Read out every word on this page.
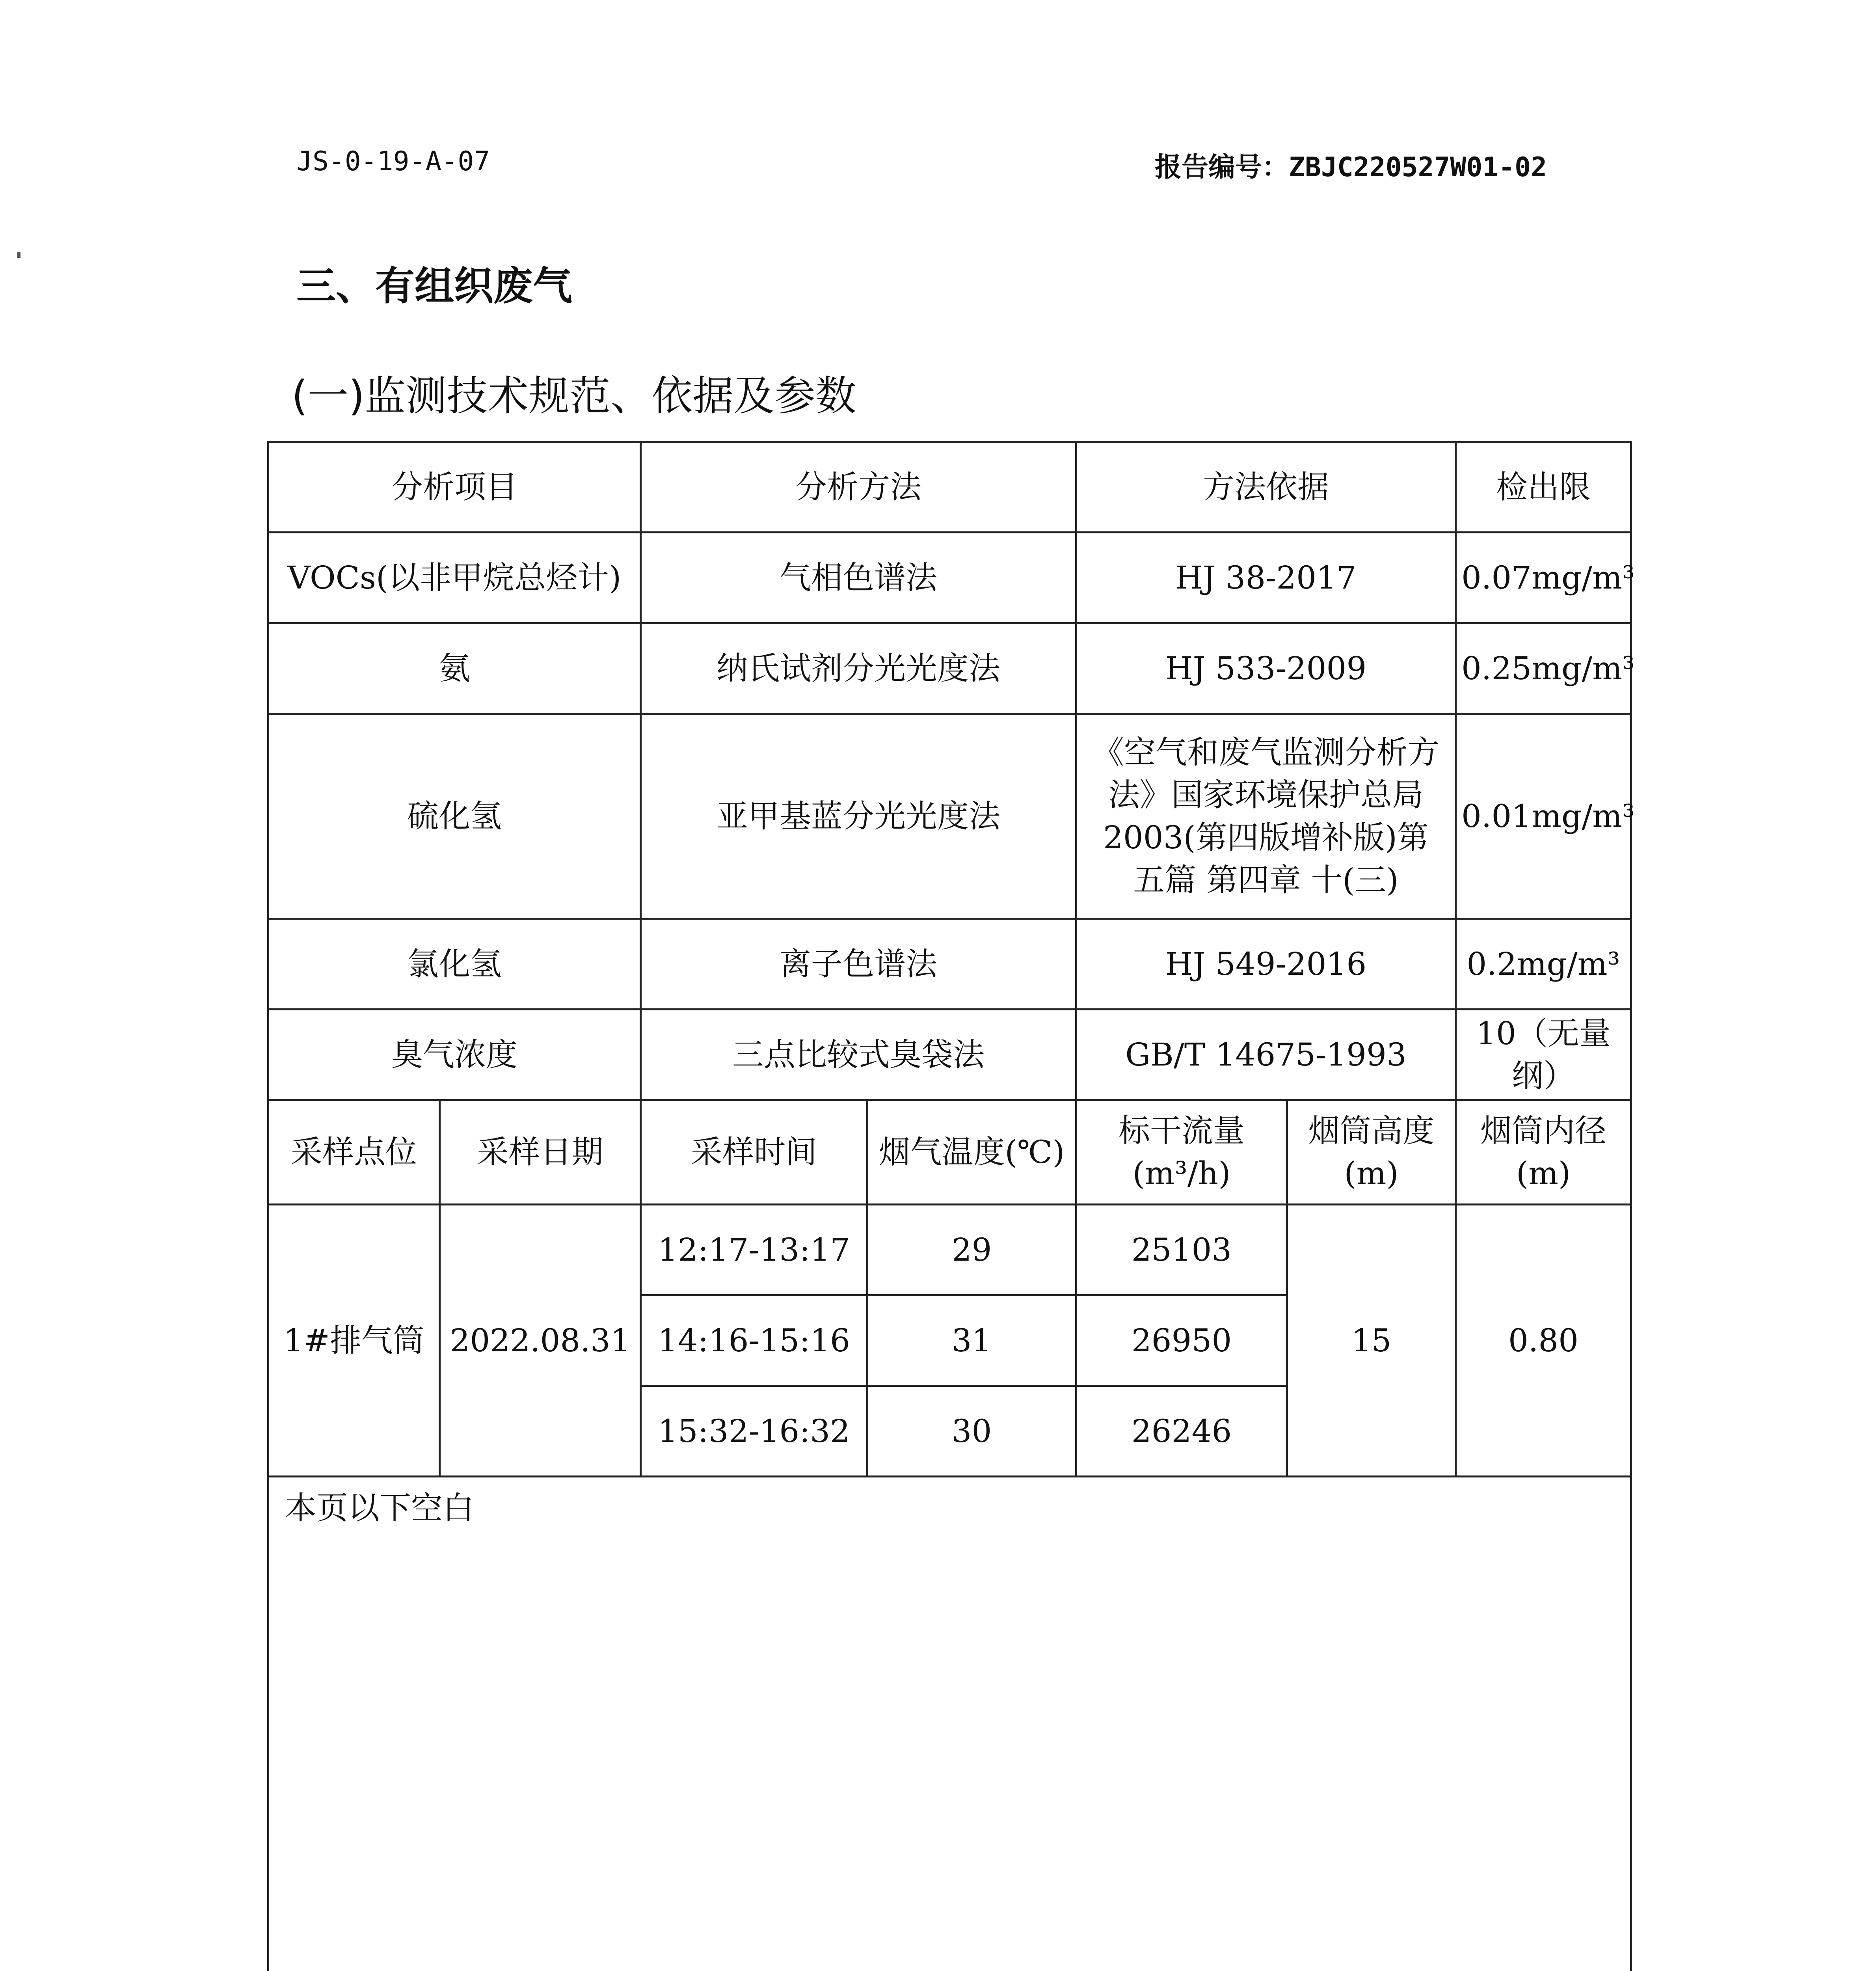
JS-0-19-A-07	报告编号：ZBJC220527W01-02
三、有组织废气
(一)监测技术规范、依据及参数
分析项目		分析方法		方法依据		检出限
VOCs(以非甲烷总烃计)		气相色谱法		HJ 38-2017		0.07mg/m³
氨		纳氏试剂分光光度法		HJ 533-2009		0.25mg/m³
硫化氢		亚甲基蓝分光光度法		《空气和废气监测分析方法》国家环境保护总局 2003(第四版增补版)第五篇 第四章 十(三)		0.01mg/m³
氯化氢		离子色谱法		HJ 549-2016		0.2mg/m³
臭气浓度		三点比较式臭袋法		GB/T 14675-1993		10（无量纲）
采样点位	采样日期	采样时间	烟气温度(℃)	标干流量(m³/h)	烟筒高度(m)	烟筒内径(m)
1#排气筒	2022.08.31	12:17-13:17	29	25103	15	0.80
		14:16-15:16	31	26950		
		15:32-16:32	30	26246		
本页以下空白						
